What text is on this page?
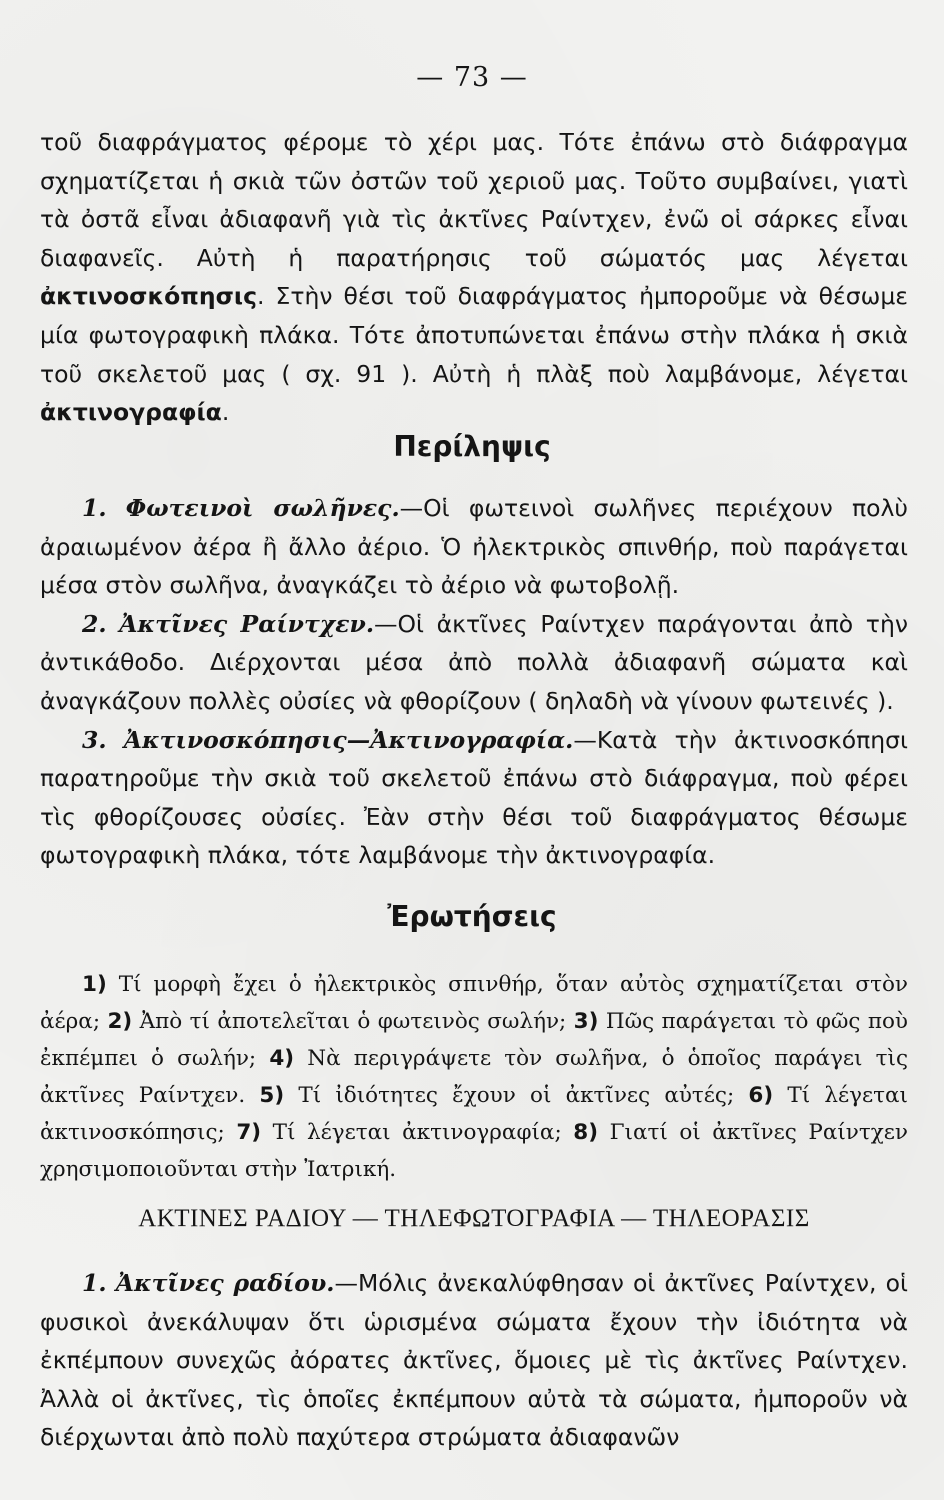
— 73 —

τοῦ διαφράγματος φέρομε τὸ χέρι μας. Τότε ἐπάνω στὸ διάφραγμα σχηματίζεται ἡ σκιὰ τῶν ὀστῶν τοῦ χεριοῦ μας. Τοῦτο συμβαίνει, γιατὶ τὰ ὀστᾶ εἶναι ἀδιαφανῆ γιὰ τὶς ἀκτῖνες Ραίντχεν, ἐνῶ οἱ σάρκες εἶναι διαφανεῖς. Αὐτὴ ἡ παρατήρησις τοῦ σώματός μας λέγεται ἀκτινοσκόπησις. Στὴν θέσι τοῦ διαφράγματος ἠμποροῦμε νὰ θέσωμε μία φωτογραφικὴ πλάκα. Τότε ἀποτυπώνεται ἐπάνω στὴν πλάκα ἡ σκιὰ τοῦ σκελετοῦ μας ( σχ. 91 ). Αὐτὴ ἡ πλὰξ ποὺ λαμβάνομε, λέγεται ἀκτινογραφία.

Περίληψις

1. Φωτεινοὶ σωλῆνες.—Οἱ φωτεινοὶ σωλῆνες περιέχουν πολὺ ἀραιωμένον ἀέρα ἢ ἄλλο ἀέριο. Ὁ ἠλεκτρικὸς σπινθήρ, ποὺ παράγεται μέσα στὸν σωλῆνα, ἀναγκάζει τὸ ἀέριο νὰ φωτοβολῇ.

2. Ἀκτῖνες Ραίντχεν.—Οἱ ἀκτῖνες Ραίντχεν παράγονται ἀπὸ τὴν ἀντικάθοδο. Διέρχονται μέσα ἀπὸ πολλὰ ἀδιαφανῆ σώματα καὶ ἀναγκάζουν πολλὲς οὐσίες νὰ φθορίζουν ( δηλαδὴ νὰ γίνουν φωτεινές ).

3. Ἀκτινοσκόπησις—Ἀκτινογραφία.—Κατὰ τὴν ἀκτινοσκόπησι παρατηροῦμε τὴν σκιὰ τοῦ σκελετοῦ ἐπάνω στὸ διάφραγμα, ποὺ φέρει τὶς φθορίζουσες οὐσίες. Ἐὰν στὴν θέσι τοῦ διαφράγματος θέσωμε φωτογραφικὴ πλάκα, τότε λαμβάνομε τὴν ἀκτινογραφία.

Ἐρωτήσεις

1) Τί μορφὴ ἔχει ὁ ἠλεκτρικὸς σπινθήρ, ὅταν αὐτὸς σχηματίζεται στὸν ἀέρα; 2) Ἀπὸ τί ἀποτελεῖται ὁ φωτεινὸς σωλήν; 3) Πῶς παράγεται τὸ φῶς ποὺ ἐκπέμπει ὁ σωλήν; 4) Νὰ περιγράψετε τὸν σωλῆνα, ὁ ὁποῖος παράγει τὶς ἀκτῖνες Ραίντχεν. 5) Τί ἰδιότητες ἔχουν οἱ ἀκτῖνες αὐτές; 6) Τί λέγεται ἀκτινοσκόπησις; 7) Τί λέγεται ἀκτινογραφία; 8) Γιατί οἱ ἀκτῖνες Ραίντχεν χρησιμοποιοῦνται στὴν Ἰατρική.

ΑΚΤΙΝΕΣ ΡΑΔΙΟΥ — ΤΗΛΕΦΩΤΟΓΡΑΦΙΑ — ΤΗΛΕΟΡΑΣΙΣ

1. Ἀκτῖνες ραδίου.—Μόλις ἀνεκαλύφθησαν οἱ ἀκτῖνες Ραίντχεν, οἱ φυσικοὶ ἀνεκάλυψαν ὅτι ὡρισμένα σώματα ἔχουν τὴν ἰδιότητα νὰ ἐκπέμπουν συνεχῶς ἀόρατες ἀκτῖνες, ὅμοιες μὲ τὶς ἀκτῖνες Ραίντχεν. Ἀλλὰ οἱ ἀκτῖνες, τὶς ὁποῖες ἐκπέμπουν αὐτὰ τὰ σώματα, ἠμποροῦν νὰ διέρχωνται ἀπὸ πολὺ παχύτερα στρώματα ἀδιαφανῶν
